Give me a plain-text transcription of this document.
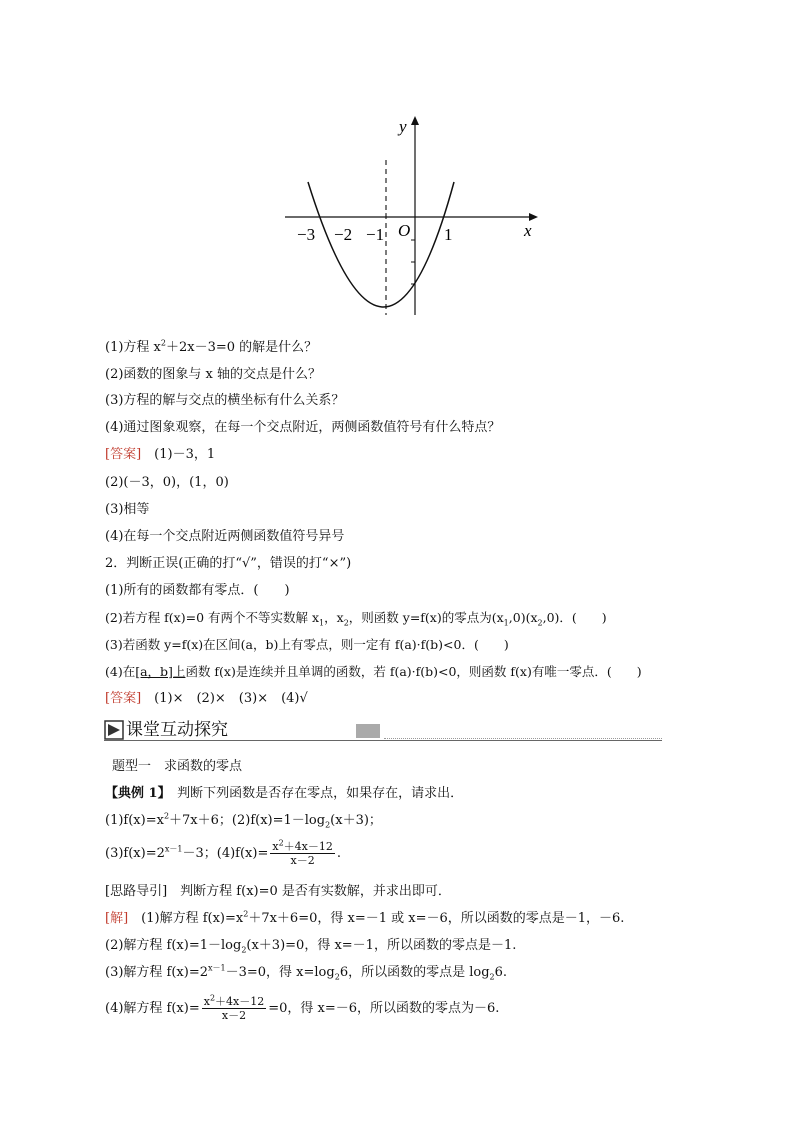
y
x
O
−3 −2 −1	1
(1)方程 $x^2+2x-3=0$ 的解是什么？
(2)函数的图象与 x 轴的交点是什么？
(3)方程的解与交点的横坐标有什么关系？
(4)通过图象观察，在每一个交点附近，两侧函数值符号有什么特点？
[答案]　 (1)－3，1
(2)(－3，0)，(1，0)
(3)相等
(4)在每一个交点附近两侧函数值符号异号
2．判断正误(正确的打“√”，错误的打“×”)
(1)所有的函数都有零点．(　　)
(2)若方程 f(x)=0 有两个不等实数解 $x_1$，$x_2$，则函数 y=f(x)的零点为$(x_1,0)(x_2,0)$．(　　)
(3)若函数 y=f(x)在区间(a，b)上有零点，则一定有 f(a)·f(b)<0．(　　)
(4)在[a，b]上函数 f(x)是连续并且单调的函数，若 f(a)·f(b)<0，则函数 f(x)有唯一零点．(　　)
[答案]　 (1)×　(2)×　(3)×　(4)√
课堂互动探究
题型一　求函数的零点
【典例 1】　 判断下列函数是否存在零点，如果存在，请求出．
$(1)f(x)=x^2+7x+6$；$(2)f(x)=1-\log_2(x+3)$；
$(3)f(x)=2^{x-1}-3$；$(4)f(x)= \frac{x^2+4x-12}{x-2}$ .
[思路导引]　 判断方程 f(x)=0 是否有实数解，并求出即可．
[解]　 (1)解方程 $f(x)=x^2+7x+6=0$，得 x=－1 或 x=－6，所以函数的零点是－1，－6.
(2)解方程 $f(x)=1-\log_2(x+3)=0$，得 x=－1，所以函数的零点是－1.
(3)解方程 $f(x)=2^{x-1}-3=0$，得 $x=\log_26$，所以函数的零点是 $\log_26$.
(4)解方程 $f(x)= \frac{x^2+4x-12}{x-2} =0$，得 x=－6，所以函数的零点为－6.
